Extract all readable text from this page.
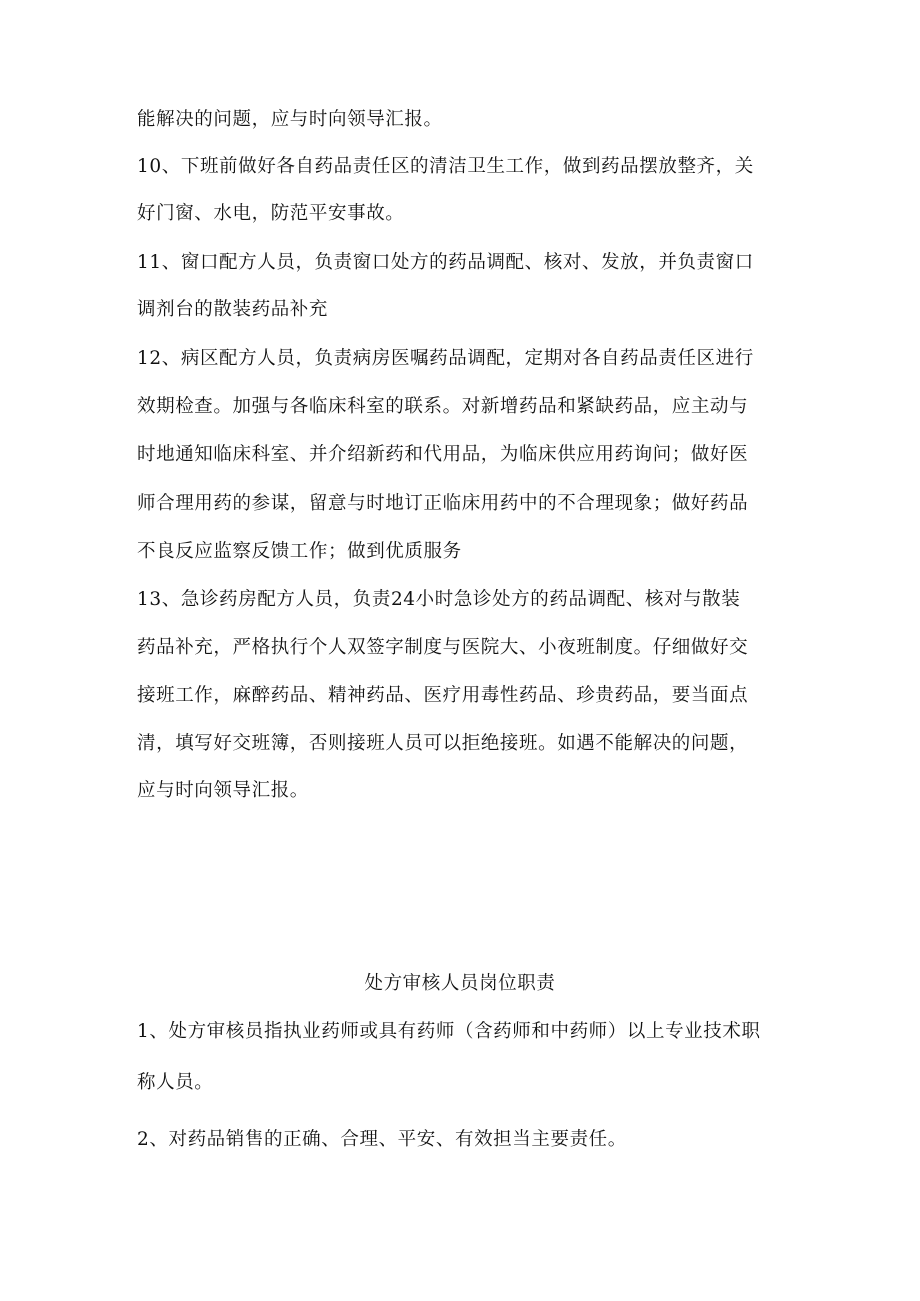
能解决的问题，应与时向领导汇报。
10、下班前做好各自药品责任区的清洁卫生工作，做到药品摆放整齐，关
好门窗、水电，防范平安事故。
11、窗口配方人员，负责窗口处方的药品调配、核对、发放，并负责窗口
调剂台的散装药品补充
12、病区配方人员，负责病房医嘱药品调配，定期对各自药品责任区进行
效期检查。加强与各临床科室的联系。对新增药品和紧缺药品，应主动与
时地通知临床科室、并介绍新药和代用品，为临床供应用药询问；做好医
师合理用药的参谋，留意与时地订正临床用药中的不合理现象；做好药品
不良反应监察反馈工作；做到优质服务
13、急诊药房配方人员，负责24小时急诊处方的药品调配、核对与散装
药品补充，严格执行个人双签字制度与医院大、小夜班制度。仔细做好交
接班工作，麻醉药品、精神药品、医疗用毒性药品、珍贵药品，要当面点
清，填写好交班簿，否则接班人员可以拒绝接班。如遇不能解决的问题，
应与时向领导汇报。
处方审核人员岗位职责
1、处方审核员指执业药师或具有药师（含药师和中药师）以上专业技术职
称人员。
2、对药品销售的正确、合理、平安、有效担当主要责任。
